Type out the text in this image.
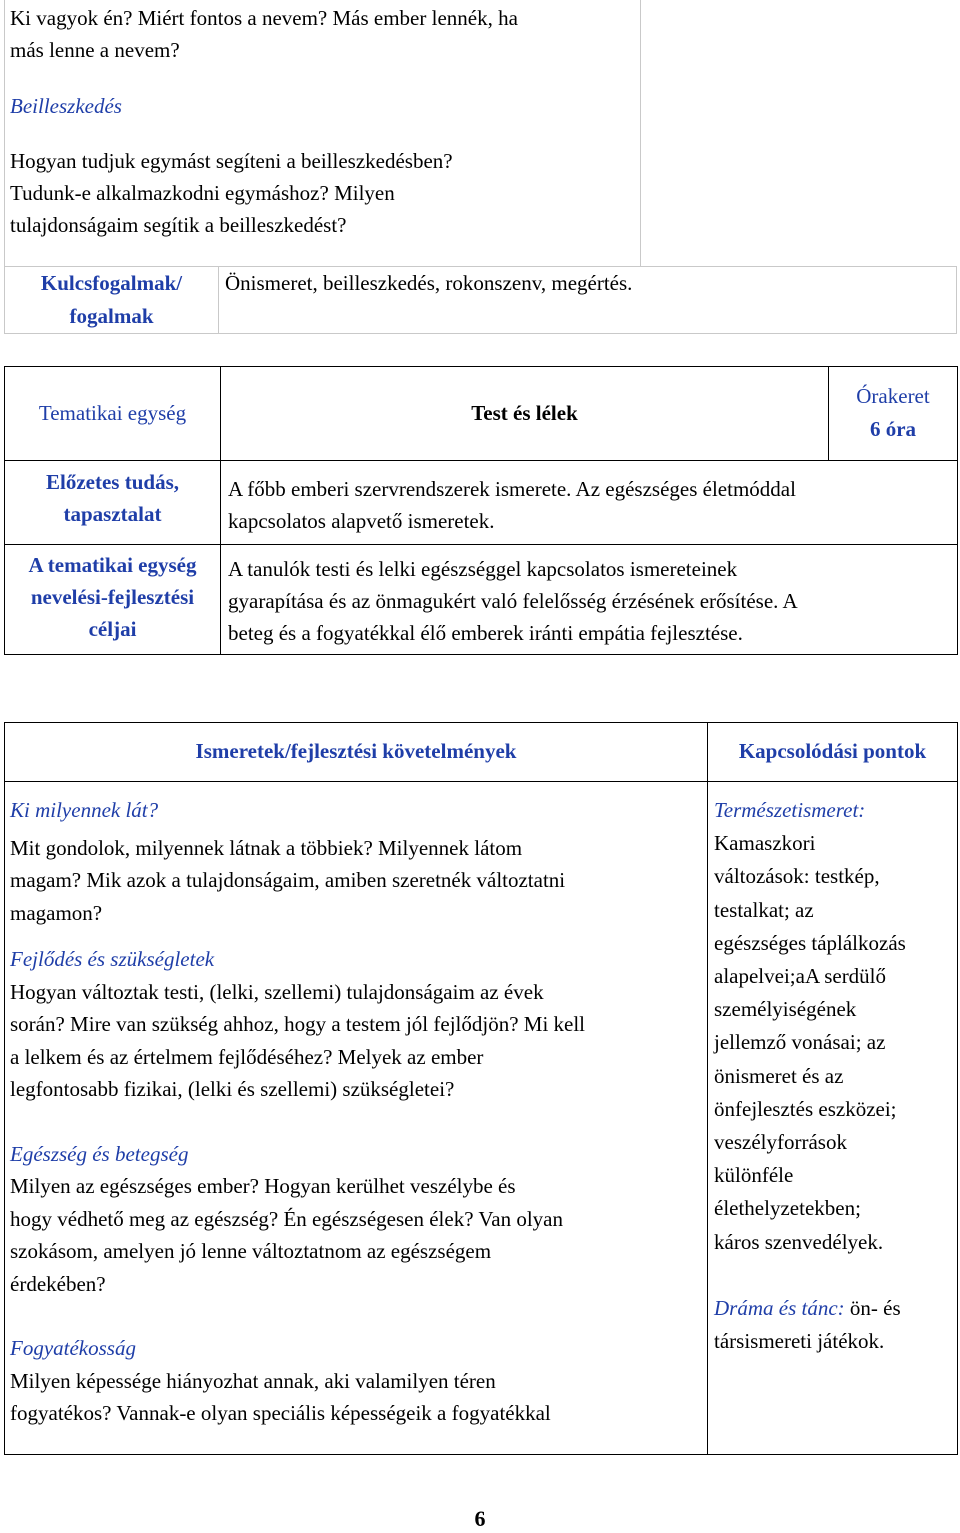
Ki vagyok én? Miért fontos a nevem? Más ember lennék, ha

más lenne a nevem?

Beilleszkedés

Hogyan tudjuk egymást segíteni a beilleszkedésben?

Tudunk-e alkalmazkodni egymáshoz? Milyen

tulajdonságaim segítik a beilleszkedést?

Kulcsfogalmak/

fogalmak

Önismeret, beilleszkedés, rokonszenv, megértés.

Tematikai egység	Test és lélek

Órakeret

6 óra

Előzetes tudás,

tapasztalat

A főbb emberi szervrendszerek ismerete. Az egészséges életmóddal

kapcsolatos alapvető ismeretek.

A tematikai egység

nevelési-fejlesztési

céljai

A tanulók testi és lelki egészséggel kapcsolatos ismereteinek

gyarapítása és az önmagukért való felelősség érzésének erősítése. A

beteg és a fogyatékkal élő emberek iránti empátia fejlesztése.

Ismeretek/fejlesztési követelmények	Kapcsolódási pontok

Ki milyennek lát?

Mit gondolok, milyennek látnak a többiek? Milyennek látom

magam? Mik azok a tulajdonságaim, amiben szeretnék változtatni

magamon?

Fejlődés és szükségletek

Hogyan változtak testi, (lelki, szellemi) tulajdonságaim az évek

során? Mire van szükség ahhoz, hogy a testem jól fejlődjön? Mi kell

a lelkem és az értelmem fejlődéséhez? Melyek az ember

legfontosabb fizikai, (lelki és szellemi) szükségletei?

Egészség és betegség

Milyen az egészséges ember? Hogyan kerülhet veszélybe és

hogy védhető meg az egészség? Én egészségesen élek? Van olyan

szokásom, amelyen jó lenne változtatnom az egészségem

érdekében?

Fogyatékosság

Milyen képessége hiányozhat annak, aki valamilyen téren

fogyatékos? Vannak-e olyan speciális képességeik a fogyatékkal

Természetismeret:

Kamaszkori

változások: testkép,

testalkat; az

egészséges táplálkozás

alapelvei;aA serdülő

személyiségének

jellemző vonásai; az

önismeret és az

önfejlesztés eszközei;

veszélyforrások

különféle

élethelyzetekben;

káros szenvedélyek.

Dráma és tánc: ön- és

társismereti játékok.

6
